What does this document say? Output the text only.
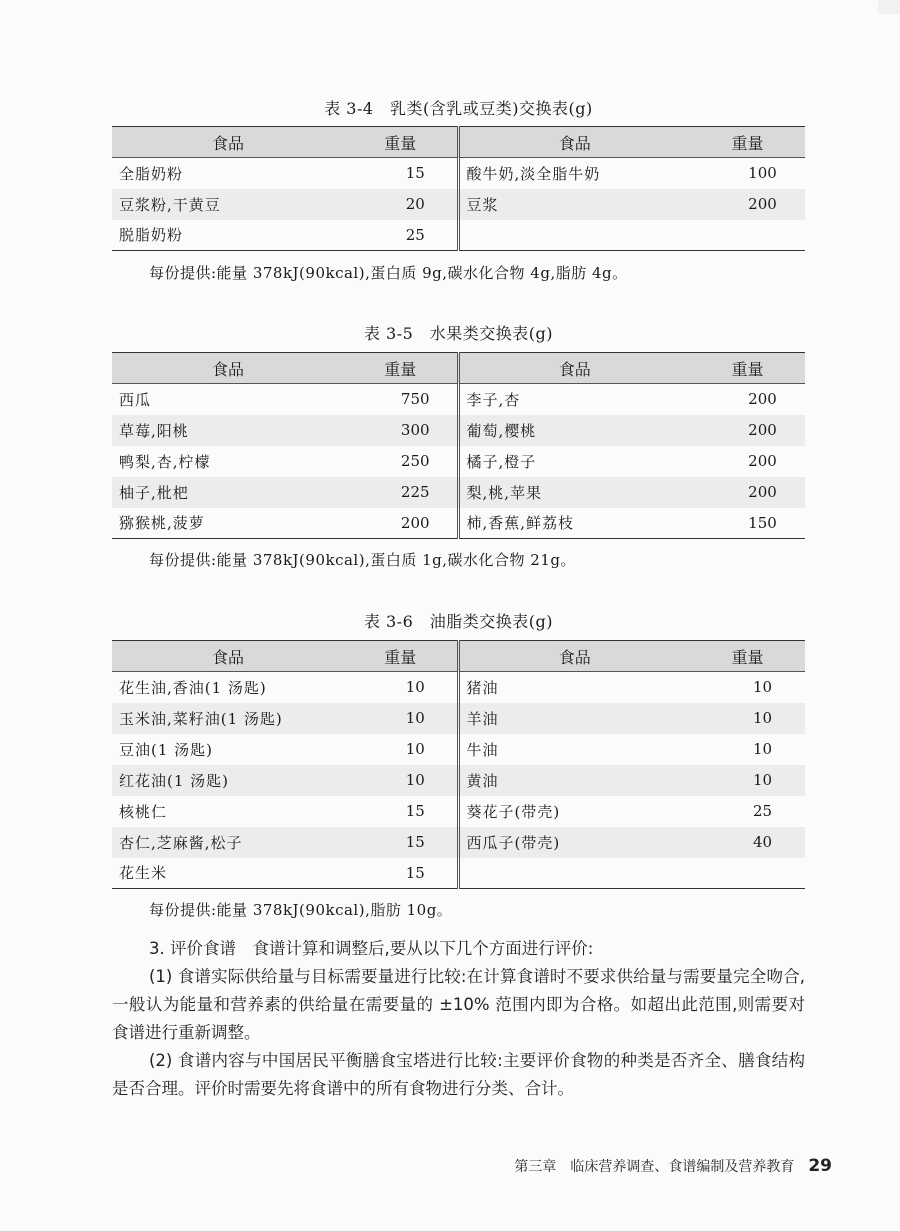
表 3-4　乳类(含乳或豆类)交换表(g)
食品	重量	食品	重量
全脂奶粉	15	酸牛奶,淡全脂牛奶	100
豆浆粉,干黄豆	20	豆浆	200
脱脂奶粉	25		
每份提供:能量 378kJ(90kcal),蛋白质 9g,碳水化合物 4g,脂肪 4g。
表 3-5　水果类交换表(g)
食品	重量	食品	重量
西瓜	750	李子,杏	200
草莓,阳桃	300	葡萄,樱桃	200
鸭梨,杏,柠檬	250	橘子,橙子	200
柚子,枇杷	225	梨,桃,苹果	200
猕猴桃,菠萝	200	柿,香蕉,鲜荔枝	150
每份提供:能量 378kJ(90kcal),蛋白质 1g,碳水化合物 21g。
表 3-6　油脂类交换表(g)
食品	重量	食品	重量
花生油,香油(1 汤匙)	10	猪油	10
玉米油,菜籽油(1 汤匙)	10	羊油	10
豆油(1 汤匙)	10	牛油	10
红花油(1 汤匙)	10	黄油	10
核桃仁	15	葵花子(带壳)	25
杏仁,芝麻酱,松子	15	西瓜子(带壳)	40
花生米	15		
每份提供:能量 378kJ(90kcal),脂肪 10g。

3. 评价食谱　食谱计算和调整后,要从以下几个方面进行评价:

(1) 食谱实际供给量与目标需要量进行比较:在计算食谱时不要求供给量与需要量完全吻合,一般认为能量和营养素的供给量在需要量的 ±10% 范围内即为合格。如超出此范围,则需要对食谱进行重新调整。

(2) 食谱内容与中国居民平衡膳食宝塔进行比较:主要评价食物的种类是否齐全、膳食结构是否合理。评价时需要先将食谱中的所有食物进行分类、合计。

第三章　临床营养调查、食谱编制及营养教育 29
